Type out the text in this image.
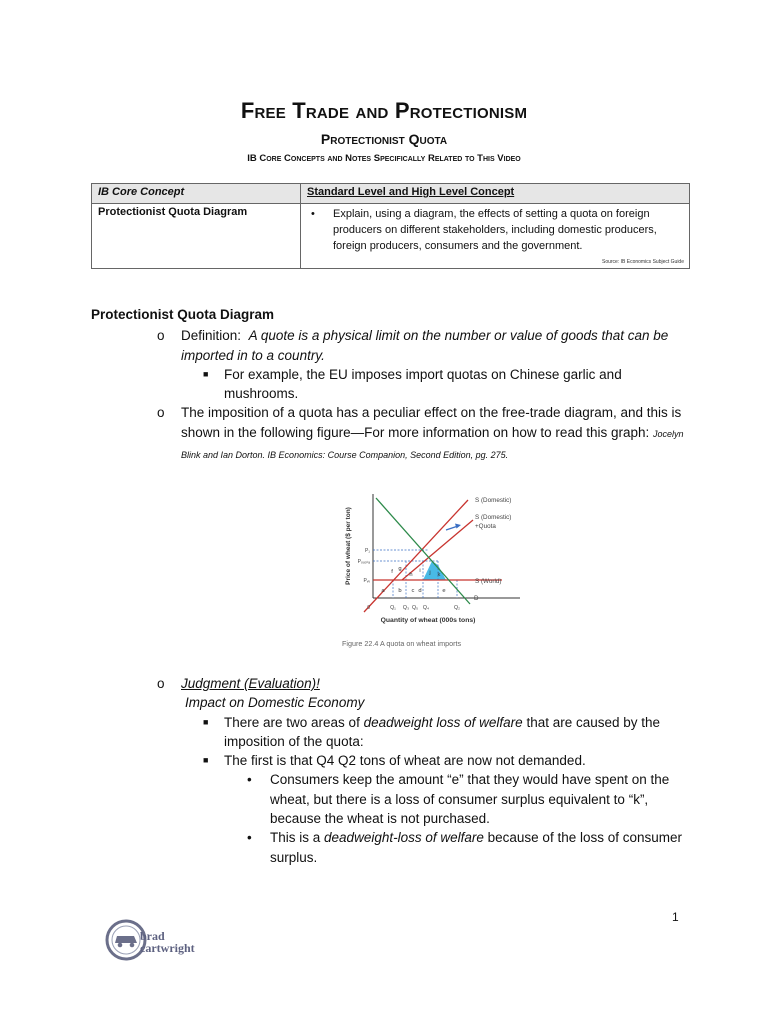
Free Trade and Protectionism
Protectionist Quota
IB Core Concepts and Notes Specifically Related to This Video
IB Core Concept	Standard Level and High Level Concept
Protectionist Quota Diagram	• Explain, using a diagram, the effects of setting a quota on foreign producers on different stakeholders, including domestic producers, foreign producers, consumers and the government.
Source: IB Economics Subject Guide
Protectionist Quota Diagram
o	Definition: A quote is a physical limit on the number or value of goods that can be imported in to a country.
■	For example, the EU imposes import quotas on Chinese garlic and mushrooms.
o	The imposition of a quota has a peculiar effect on the free-trade diagram, and this is shown in the following figure—For more information on how to read this graph: Jocelyn Blink and Ian Dorton. IB Economics: Course Companion, Second Edition, pg. 275.
S (Domestic)
S (Domestic)
+Quota
S (World)
D
P₁
Pₒᵤₒₜₐ
Pᵥᵥ
0	Q₁ Q₃ Q₅ Q₄	Q₂
a b c d	e
f g
h
i j k
Price of wheat ($ per ton)
Quantity of wheat (000s tons)
Figure 22.4 A quota on wheat imports
o	Judgment (Evaluation)!
Impact on Domestic Economy
■	There are two areas of deadweight loss of welfare that are caused by the imposition of the quota:
■	The first is that Q4 Q2 tons of wheat are now not demanded.
•	Consumers keep the amount “e” that they would have spent on the wheat, but there is a loss of consumer surplus equivalent to “k”, because the wheat is not purchased.
•	This is a deadweight-loss of welfare because of the loss of consumer surplus.
1
brad
cartwright
